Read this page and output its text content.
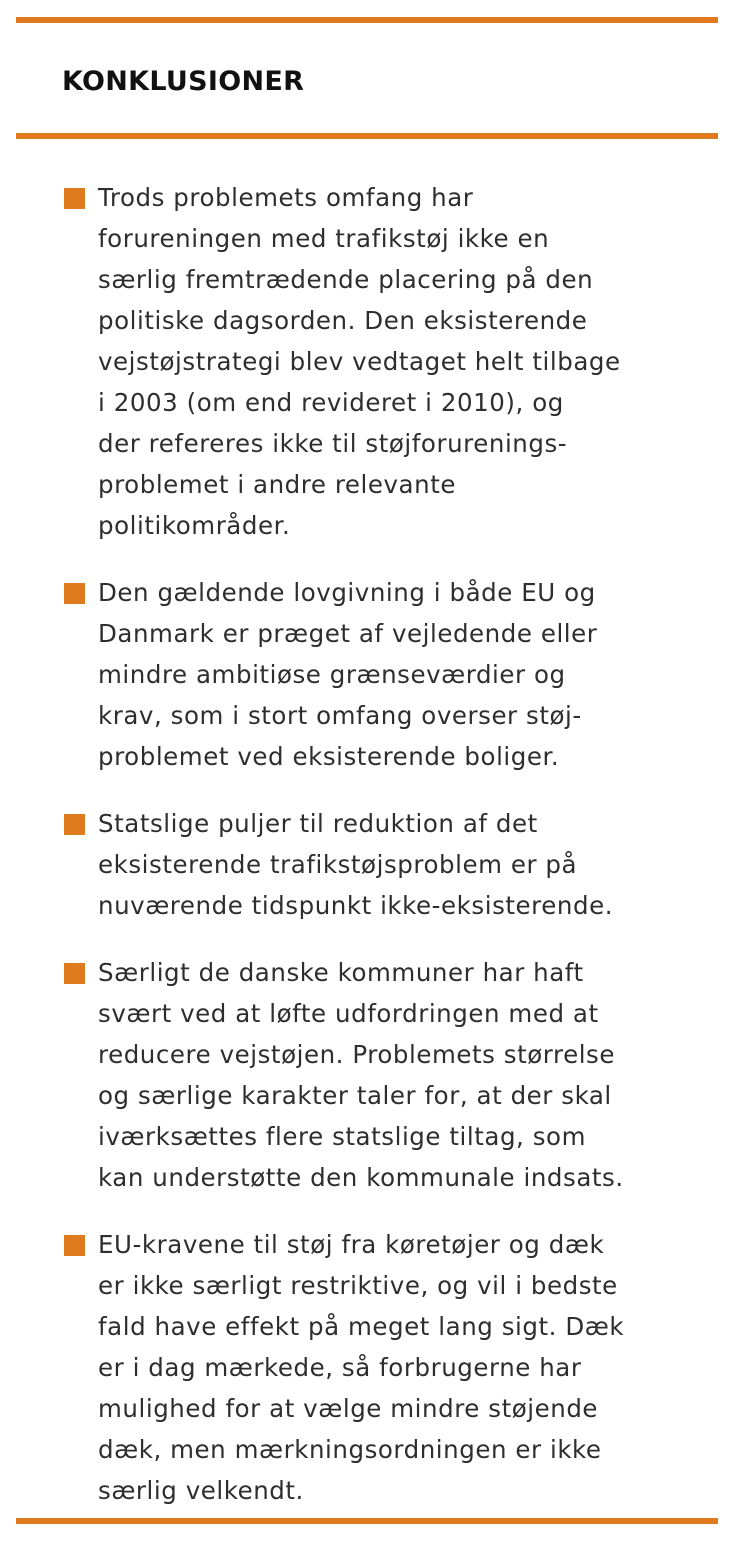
KONKLUSIONER
Trods problemets omfang har
forureningen med trafikstøj ikke en
særlig fremtrædende placering på den
politiske dagsorden. Den eksisterende
vejstøjstrategi blev vedtaget helt tilbage
i 2003 (om end revideret i 2010), og
der refereres ikke til støjforurenings-
problemet i andre relevante
politikområder.
Den gældende lovgivning i både EU og
Danmark er præget af vejledende eller
mindre ambitiøse grænseværdier og
krav, som i stort omfang overser støj-
problemet ved eksisterende boliger.
Statslige puljer til reduktion af det
eksisterende trafikstøjsproblem er på
nuværende tidspunkt ikke-eksisterende.
Særligt de danske kommuner har haft
svært ved at løfte udfordringen med at
reducere vejstøjen. Problemets størrelse
og særlige karakter taler for, at der skal
iværksættes flere statslige tiltag, som
kan understøtte den kommunale indsats.
EU-kravene til støj fra køretøjer og dæk
er ikke særligt restriktive, og vil i bedste
fald have effekt på meget lang sigt. Dæk
er i dag mærkede, så forbrugerne har
mulighed for at vælge mindre støjende
dæk, men mærkningsordningen er ikke
særlig velkendt.
